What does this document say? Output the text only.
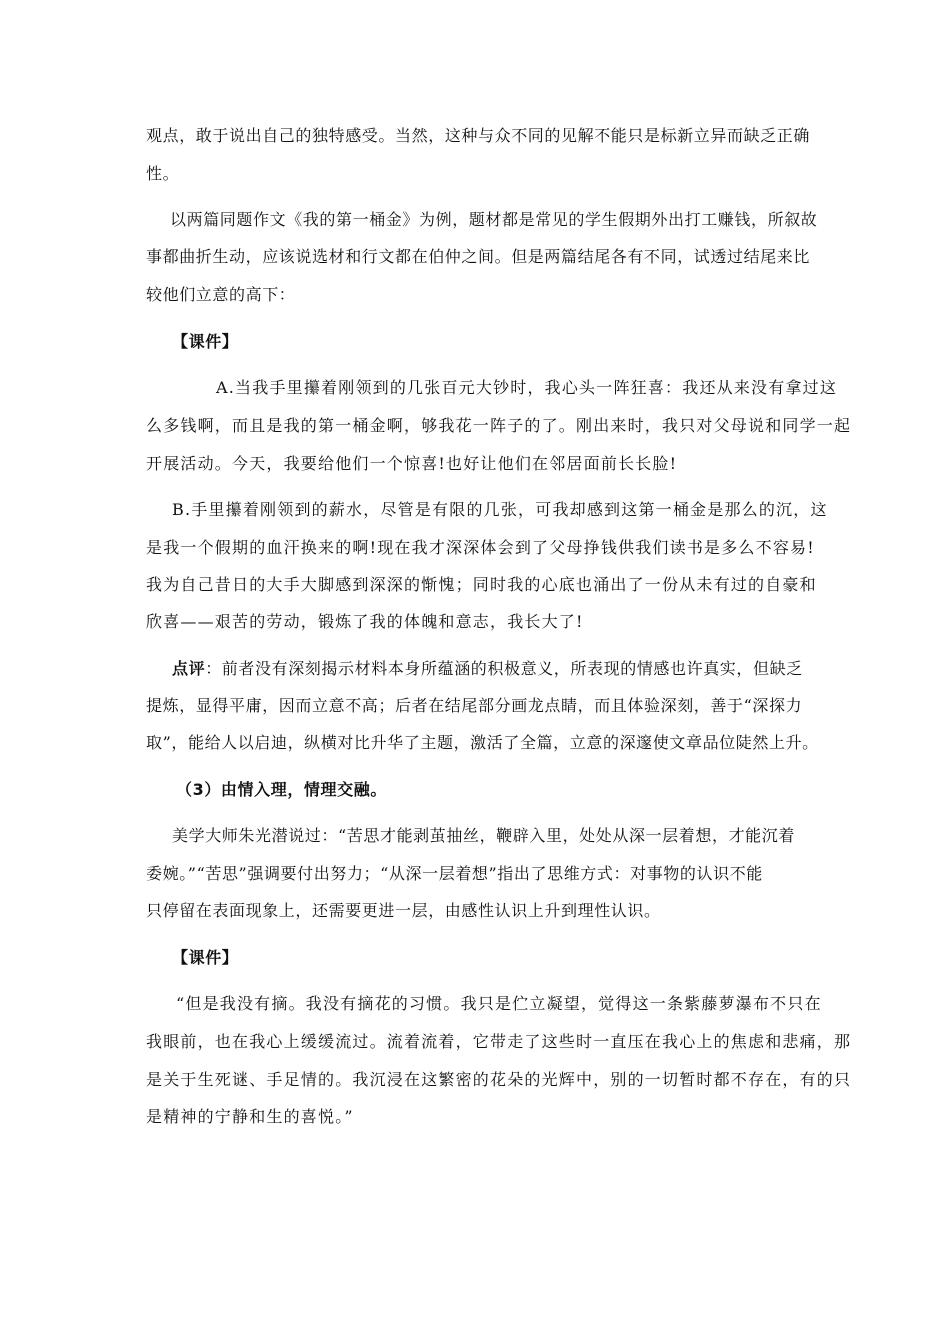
观点，敢于说出自己的独特感受。当然，这种与众不同的见解不能只是标新立异而缺乏正确
性。
以两篇同题作文《我的第一桶金》为例，题材都是常见的学生假期外出打工赚钱，所叙故
事都曲折生动，应该说选材和行文都在伯仲之间。但是两篇结尾各有不同，试透过结尾来比
较他们立意的高下：
【课件】
A.当我手里攥着刚领到的几张百元大钞时，我心头一阵狂喜：我还从来没有拿过这
么多钱啊，而且是我的第一桶金啊，够我花一阵子的了。刚出来时，我只对父母说和同学一起
开展活动。今天，我要给他们一个惊喜!也好让他们在邻居面前长长脸!
B.手里攥着刚领到的薪水，尽管是有限的几张，可我却感到这第一桶金是那么的沉，这
是我一个假期的血汗换来的啊!现在我才深深体会到了父母挣钱供我们读书是多么不容易!
我为自己昔日的大手大脚感到深深的惭愧；同时我的心底也涌出了一份从未有过的自豪和
欣喜——艰苦的劳动，锻炼了我的体魄和意志，我长大了!
点评：前者没有深刻揭示材料本身所蕴涵的积极意义，所表现的情感也许真实，但缺乏
提炼，显得平庸，因而立意不高；后者在结尾部分画龙点睛，而且体验深刻，善于“深探力
取”，能给人以启迪，纵横对比升华了主题，激活了全篇，立意的深邃使文章品位陡然上升。
（3）由情入理，情理交融。
美学大师朱光潜说过：“苦思才能剥茧抽丝，鞭辟入里，处处从深一层着想，才能沉着
委婉。”“苦思”强调要付出努力；“从深一层着想”指出了思维方式：对事物的认识不能
只停留在表面现象上，还需要更进一层，由感性认识上升到理性认识。
【课件】
“但是我没有摘。我没有摘花的习惯。我只是伫立凝望，觉得这一条紫藤萝瀑布不只在
我眼前，也在我心上缓缓流过。流着流着，它带走了这些时一直压在我心上的焦虑和悲痛，那
是关于生死谜、手足情的。我沉浸在这繁密的花朵的光辉中，别的一切暂时都不存在，有的只
是精神的宁静和生的喜悦。”
